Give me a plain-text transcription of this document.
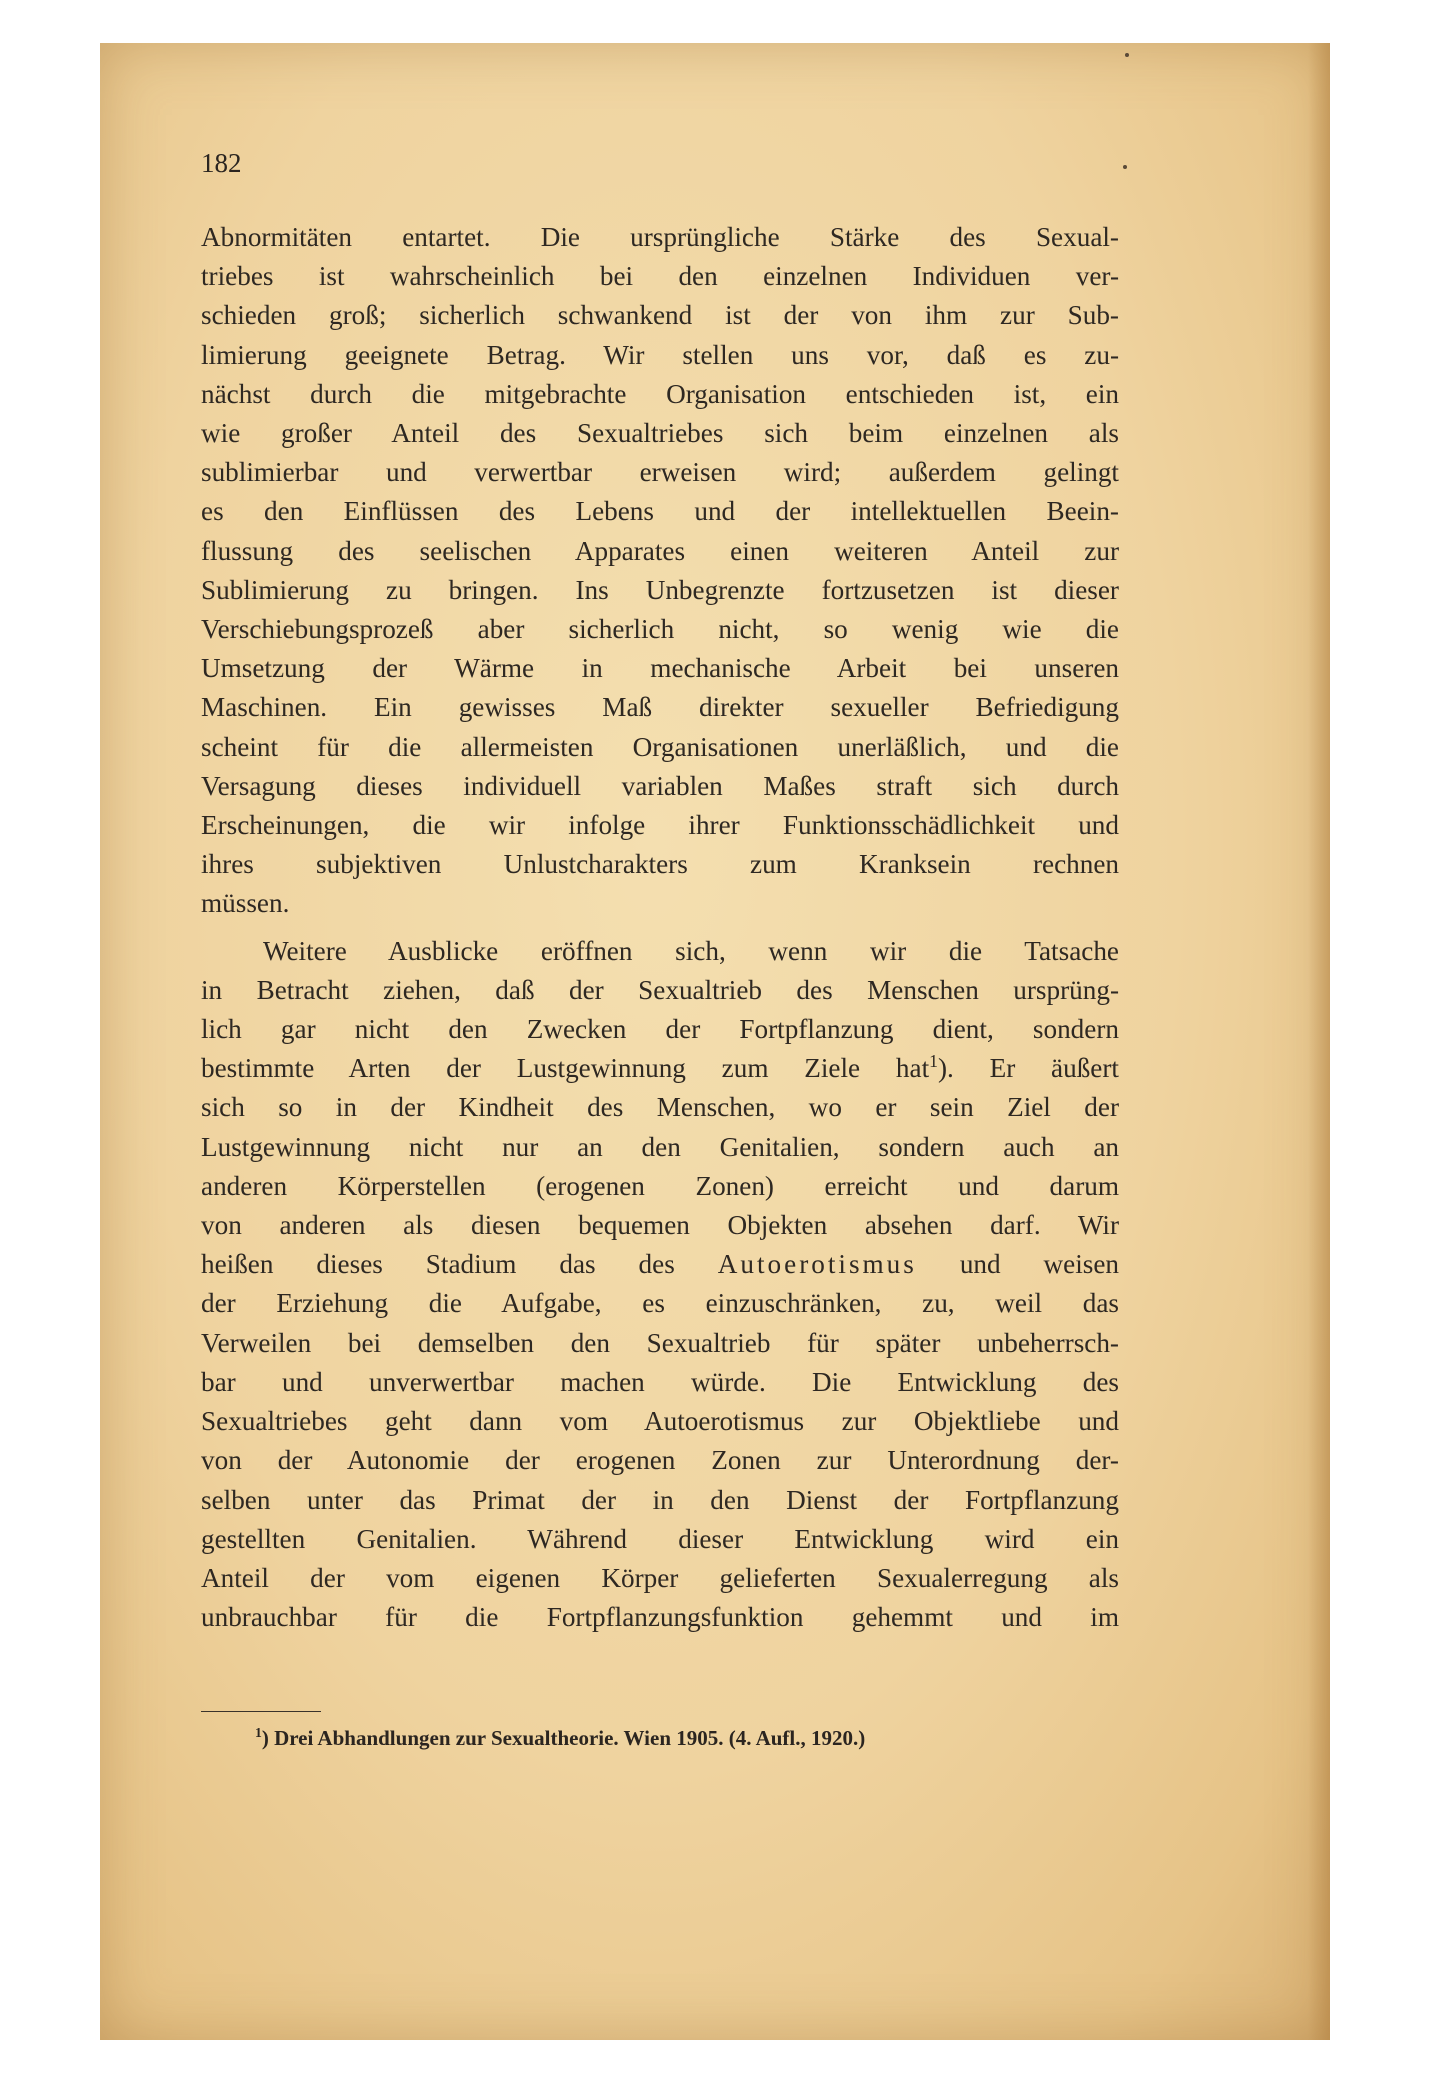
182
Abnormitäten entartet. Die ursprüngliche Stärke des Sexual-
triebes ist wahrscheinlich bei den einzelnen Individuen ver-
schieden groß; sicherlich schwankend ist der von ihm zur Sub-
limierung geeignete Betrag. Wir stellen uns vor, daß es zu-
nächst durch die mitgebrachte Organisation entschieden ist, ein
wie großer Anteil des Sexualtriebes sich beim einzelnen als
sublimierbar und verwertbar erweisen wird; außerdem gelingt
es den Einflüssen des Lebens und der intellektuellen Beein-
flussung des seelischen Apparates einen weiteren Anteil zur
Sublimierung zu bringen. Ins Unbegrenzte fortzusetzen ist dieser
Verschiebungsprozeß aber sicherlich nicht, so wenig wie die
Umsetzung der Wärme in mechanische Arbeit bei unseren
Maschinen. Ein gewisses Maß direkter sexueller Befriedigung
scheint für die allermeisten Organisationen unerläßlich, und die
Versagung dieses individuell variablen Maßes straft sich durch
Erscheinungen, die wir infolge ihrer Funktionsschädlichkeit und
ihres subjektiven Unlustcharakters zum Kranksein rechnen
müssen.
Weitere Ausblicke eröffnen sich, wenn wir die Tatsache
in Betracht ziehen, daß der Sexualtrieb des Menschen ursprüng-
lich gar nicht den Zwecken der Fortpflanzung dient, sondern
bestimmte Arten der Lustgewinnung zum Ziele hat$^1$). Er äußert
sich so in der Kindheit des Menschen, wo er sein Ziel der
Lustgewinnung nicht nur an den Genitalien, sondern auch an
anderen Körperstellen (erogenen Zonen) erreicht und darum
von anderen als diesen bequemen Objekten absehen darf. Wir
heißen dieses Stadium das des Autoerotismus und weisen
der Erziehung die Aufgabe, es einzuschränken, zu, weil das
Verweilen bei demselben den Sexualtrieb für später unbeherrsch-
bar und unverwertbar machen würde. Die Entwicklung des
Sexualtriebes geht dann vom Autoerotismus zur Objektliebe und
von der Autonomie der erogenen Zonen zur Unterordnung der-
selben unter das Primat der in den Dienst der Fortpflanzung
gestellten Genitalien. Während dieser Entwicklung wird ein
Anteil der vom eigenen Körper gelieferten Sexualerregung als
unbrauchbar für die Fortpflanzungsfunktion gehemmt und im
$^1$) Drei Abhandlungen zur Sexualtheorie. Wien 1905. (4. Aufl., 1920.)
